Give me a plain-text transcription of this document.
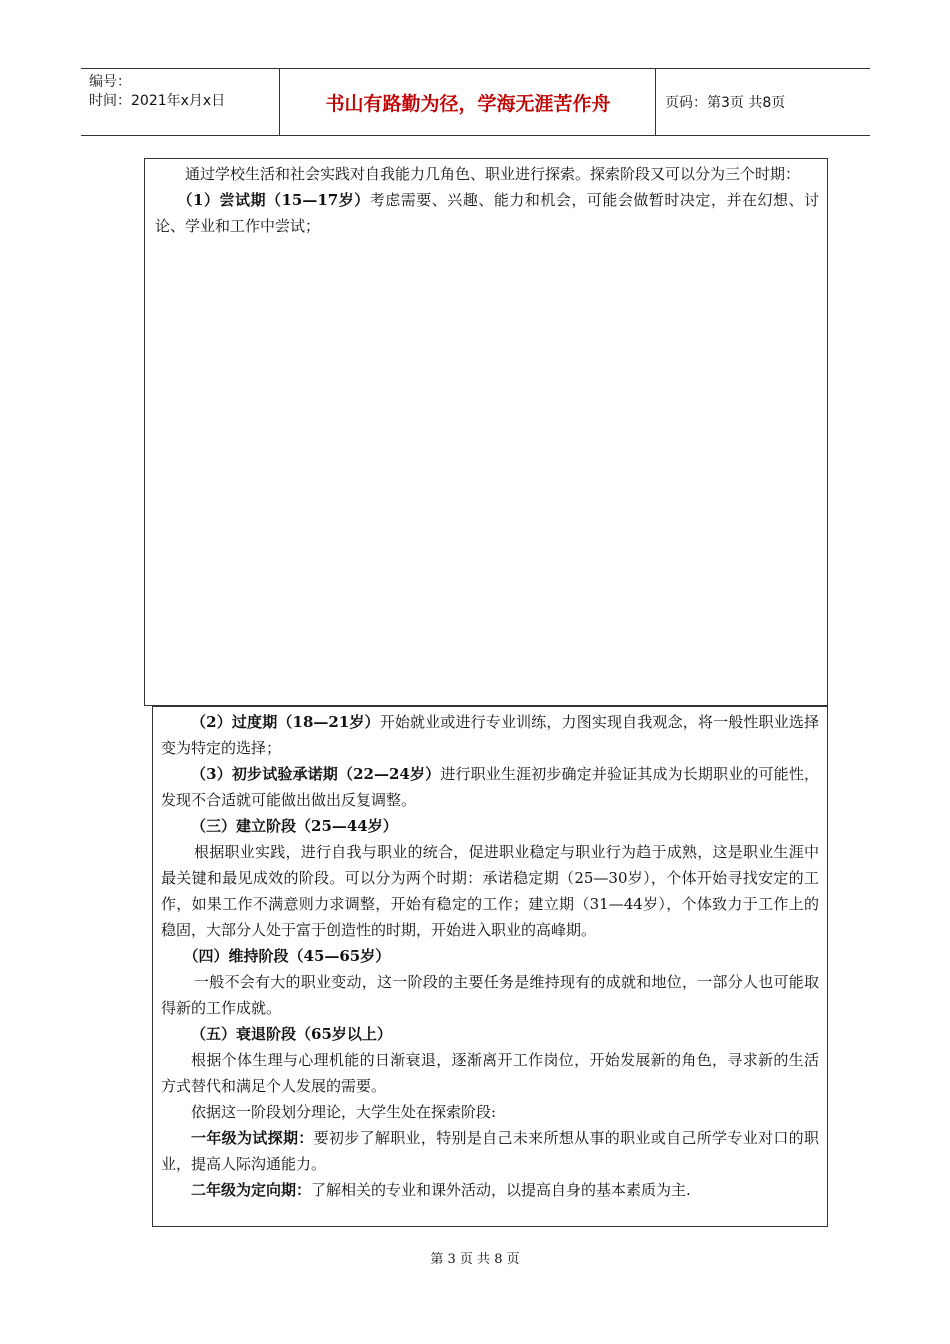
编号：
时间：2021年x月x日	书山有路勤为径，学海无涯苦作舟	页码：第3页 共8页

通过学校生活和社会实践对自我能力几角色、职业进行探索。探索阶段又可以分为三个时期：

（1）尝试期（15—17岁）考虑需要、兴趣、能力和机会，可能会做暂时决定，并在幻想、讨论、学业和工作中尝试；

（2）过度期（18—21岁）开始就业或进行专业训练，力图实现自我观念，将一般性职业选择变为特定的选择；

（3）初步试验承诺期（22—24岁）进行职业生涯初步确定并验证其成为长期职业的可能性，发现不合适就可能做出做出反复调整。

（三）建立阶段（25—44岁）

根据职业实践，进行自我与职业的统合，促进职业稳定与职业行为趋于成熟，这是职业生涯中最关键和最见成效的阶段。可以分为两个时期：承诺稳定期（25—30岁），个体开始寻找安定的工作，如果工作不满意则力求调整，开始有稳定的工作；建立期（31—44岁），个体致力于工作上的稳固，大部分人处于富于创造性的时期，开始进入职业的高峰期。

（四）维持阶段（45—65岁）

一般不会有大的职业变动，这一阶段的主要任务是维持现有的成就和地位，一部分人也可能取得新的工作成就。

（五）衰退阶段（65岁以上）

根据个体生理与心理机能的日渐衰退，逐渐离开工作岗位，开始发展新的角色，寻求新的生活方式替代和满足个人发展的需要。

依据这一阶段划分理论，大学生处在探索阶段:

一年级为试探期：要初步了解职业，特别是自己未来所想从事的职业或自己所学专业对口的职业，提高人际沟通能力。

二年级为定向期：了解相关的专业和课外活动，以提高自身的基本素质为主.

第 3 页 共 8 页
